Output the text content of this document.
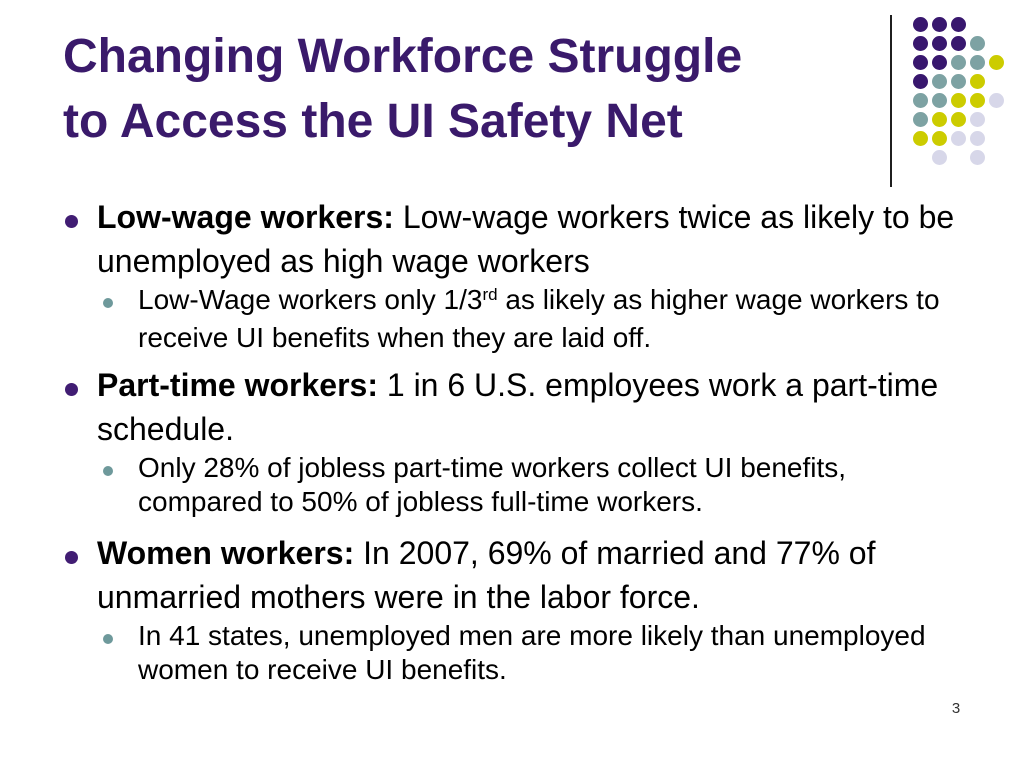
Changing Workforce Struggle
to Access the UI Safety Net
Low-wage workers: Low-wage workers twice as likely to be unemployed as high wage workers
Low-Wage workers only 1/3rd as likely as higher wage workers to receive UI benefits when they are laid off.
Part-time workers: 1 in 6 U.S. employees work a part-time schedule.
Only 28% of jobless part-time workers collect UI benefits, compared to 50% of jobless full-time workers.
Women workers: In 2007, 69% of married and 77% of unmarried mothers were in the labor force.
In 41 states, unemployed men are more likely than unemployed women to receive UI benefits.
3
